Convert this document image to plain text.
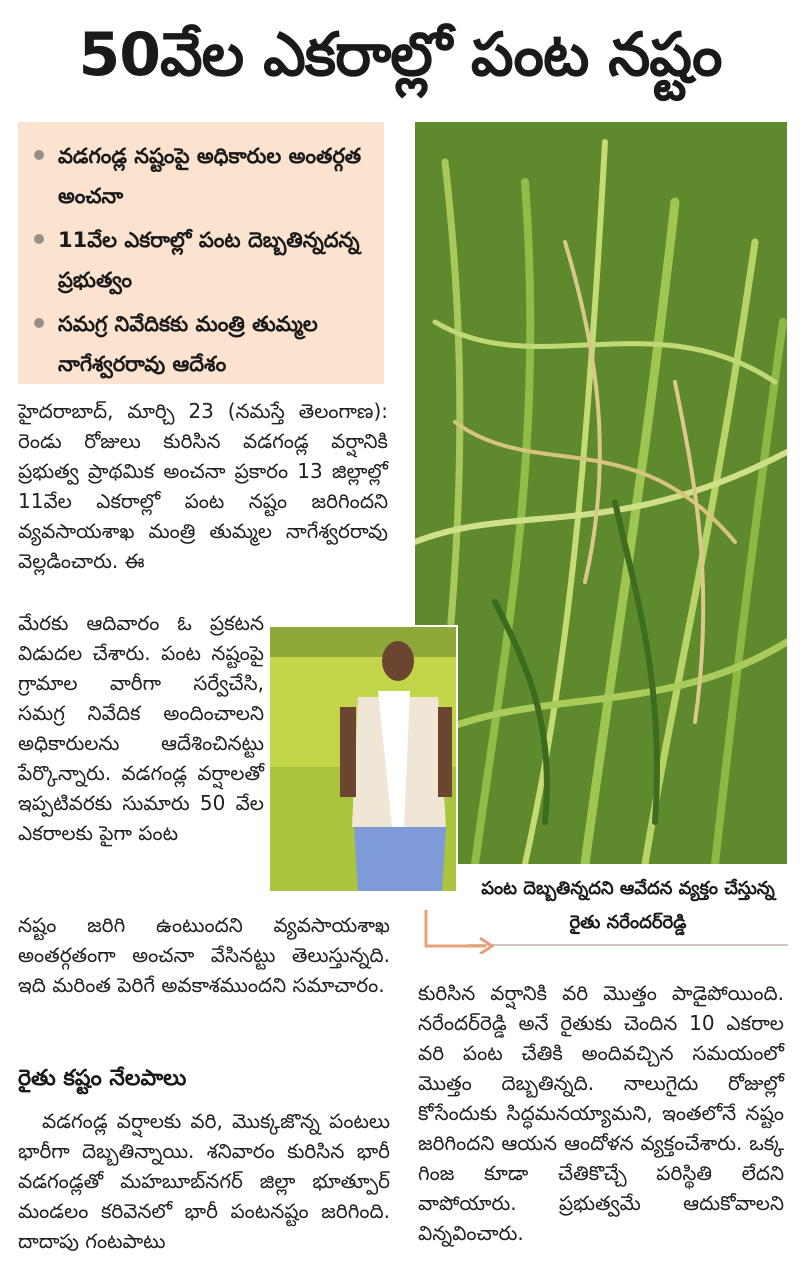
50వేల ఎకరాల్లో పంట నష్టం
వడగండ్ల నష్టంపై అధికారుల అంతర్గత అంచనా
11వేల ఎకరాల్లో పంట దెబ్బతిన్నదన్న ప్రభుత్వం
సమగ్ర నివేదికకు మంత్రి తుమ్మల నాగేశ్వరరావు ఆదేశం
హైదరాబాద్, మార్చి 23 (నమస్తే తెలంగాణ): రెండు రోజులు కురిసిన వడగండ్ల వర్షానికి ప్రభుత్వ ప్రాథమిక అంచనా ప్రకారం 13 జిల్లాల్లో 11వేల ఎకరాల్లో పంట నష్టం జరిగిందని వ్యవసాయశాఖ మంత్రి తుమ్మల నాగేశ్వరరావు వెల్లడించారు. ఈ
మేరకు ఆదివారం ఓ ప్రకటన విడుదల చేశారు. పంట నష్టంపై గ్రామాల వారీగా సర్వేచేసి, సమగ్ర నివేదిక అందించాలని అధికారులను ఆదేశించినట్టు పేర్కొన్నారు. వడగండ్ల వర్షాలతో ఇప్పటివరకు సుమారు 50 వేల ఎకరాలకు పైగా పంట
పంట దెబ్బతిన్నదని ఆవేదన వ్యక్తం చేస్తున్న రైతు నరేందర్‌రెడ్డి
నష్టం జరిగి ఉంటుందని వ్యవసాయశాఖ అంతర్గతంగా అంచనా వేసినట్టు తెలుస్తున్నది. ఇది మరింత పెరిగే అవకాశముందని సమాచారం.
రైతు కష్టం నేలపాలు
వడగండ్ల వర్షాలకు వరి, మొక్కజొన్న పంటలు భారీగా దెబ్బతిన్నాయి. శనివారం కురిసిన భారీ వడగండ్లతో మహబూబ్‌నగర్ జిల్లా భూత్పూర్ మండలం కరివెనలో భారీ పంటనష్టం జరిగింది. దాదాపు గంటపాటు
కురిసిన వర్షానికి వరి మొత్తం పాడైపోయింది. నరేందర్‌రెడ్డి అనే రైతుకు చెందిన 10 ఎకరాల వరి పంట చేతికి అందివచ్చిన సమయంలో మొత్తం దెబ్బతిన్నది. నాలుగైదు రోజుల్లో కోసేందుకు సిద్ధమనయ్యామని, ఇంతలోనే నష్టం జరిగిందని ఆయన ఆందోళన వ్యక్తంచేశారు. ఒక్క గింజ కూడా చేతికొచ్చే పరిస్థితి లేదని వాపోయారు. ప్రభుత్వమే ఆదుకోవాలని విన్నవించారు.
